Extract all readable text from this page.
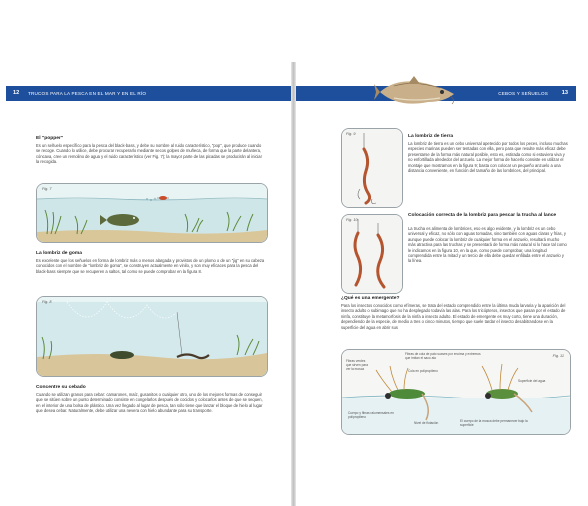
12 TRUCOS PARA LA PESCA EN EL MAR Y EN EL RÍO
El "popper"
Es un señuelo específico para la pesca del black-bass, y debe su nombre al ruido característico, "pop", que produce cuando se recoge. Cuando lo utilice, debe procurar recuperarlo mediante secos golpes de muñeca, de forma que la parte delantera, cóncava, cree un remolino de agua y el ruido característico (ver Fig. 7); la mayor parte de las picadas se producirán al iniciar la recogida.
Fig. 7
La lombriz de goma
Es excelente que los señuelos en forma de lombriz más o menos alargada y provistos de un plomo o de un "jig" en su cabeza conocidos con el nombre de "lombriz de goma", se construyen actualmente en vinilo, y son muy eficaces para la pesca del black-bass siempre que se recuperen a saltos, tal como se puede comprobar en la figura 8.
Fig. 8
Concentre su cebado
Cuando se utilizan granos para cebar: camarones, maíz, gusanitos o cualquier otro, uno de los mejores formas de conseguir que se sitúen sobre un punto determinado consiste en congelarlos después de cocidos y colocarlos antes de que se sequen, en el interior de una bolsa de plástico. Una vez llegado al lugar de pesca, tan sólo tiene que lanzar el bloque de hielo al lugar que desea cebar. Naturalmente, debe utilizar una nevera con hielo abundante para su transporte.
CEBOS Y SEÑUELOS 13
Fig. 9	La lombriz de tierra
La lombriz de tierra es un cebo universal apetecido por todos los peces, incluso muchas especies marinas pueden ser tentadas con ella, pero para que resulte más eficaz debe presentarse de la forma más natural posible, esto es, estirada como si estuviera viva y no enfortillada alrededor del anzuelo. La mejor forma de hacerlo consiste en utilizar el montaje que mostramos en la figura 9; basta con colocar un pequeño anzuelo a una distancia conveniente, en función del tamaño de las lombrices, del principal.
Fig. 10
Colocación correcta de la lombriz para pescar la trucha al lance
La trucha es alimenta de lombrices, eso es algo evidente, y la lombriz es un cebo universal y eficaz, no sólo con aguas tomadas, sino también con aguas claras y frías, y aunque puede colocar la lombriz de cualquier forma en el anzuelo, resultará mucho más atractiva para las truchas y se presentará de forma más natural si lo hace tal como le indicamos en la figura 10, en la que, como puede comprobar, una longitud comprendida entre la mitad y un tercio de ella debe quedar enfilada entre el anzuelo y la línea.
¿Qué es una emergente?
Para los insectos conocidos como efímeras, se trata del estado comprendido entre la última muda larvaria y la aparición del insecto adulto o subimago que no ha desplegado todavía las alas. Para los tricópteros, insectos que pasan por el estado de ninfa, constituye la metamorfosis de la ninfa a insecto adulto. El estado de emergente es muy corto, tiene una duración, dependiendo de la especie, de medio a tres o cinco minutos, tiempo que suele tardar el insecto desabitrandose en la superficie del agua en abrir sus
Fig. 11
Fibras de cola de pato suaves por encima y extremos que imitan el saco ala
Fibras verdes que sirven para ver la mosca
Cola en polipropileno
Superficie del agua
Cuerpo y fibras ralumensales en polipropileno
Nivel de flotación	El cuerpo de la mosca debe permanecer bajo la superficie
